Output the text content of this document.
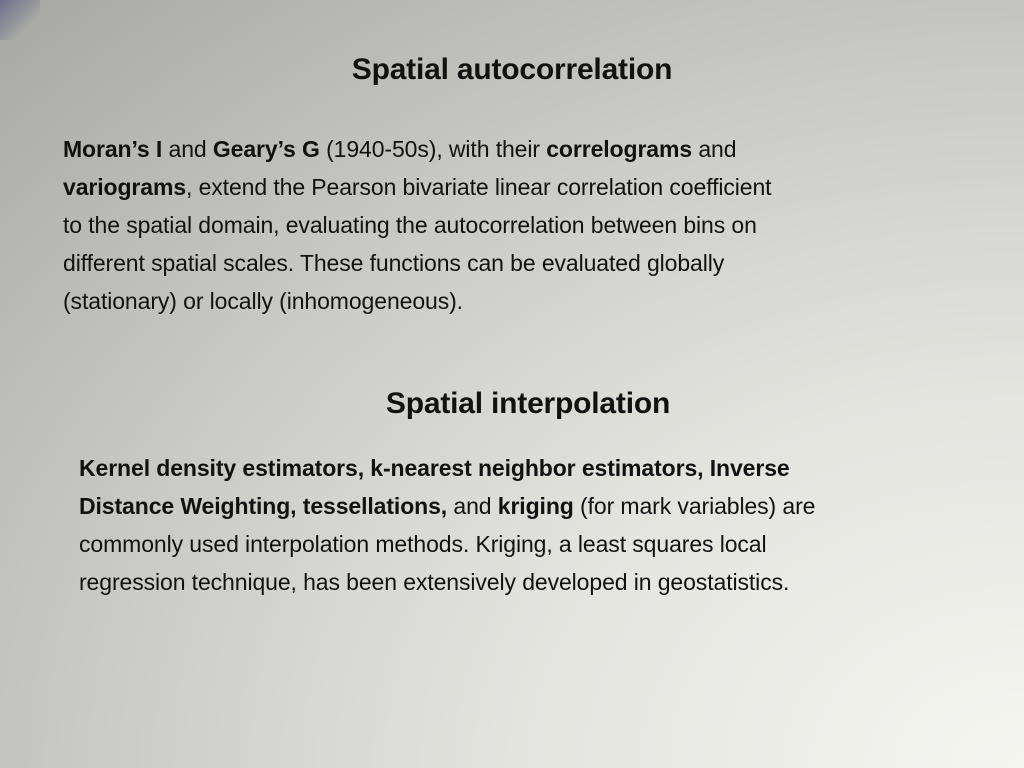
Spatial autocorrelation
Moran’s I and Geary’s G (1940-50s), with their correlograms and
variograms, extend the Pearson bivariate linear correlation coefficient
to the spatial domain, evaluating the autocorrelation between bins on
different spatial scales. These functions can be evaluated globally
(stationary) or locally (inhomogeneous).
Spatial interpolation
Kernel density estimators, k-nearest neighbor estimators, Inverse
Distance Weighting, tessellations, and kriging (for mark variables) are
commonly used interpolation methods. Kriging, a least squares local
regression technique, has been extensively developed in geostatistics.
